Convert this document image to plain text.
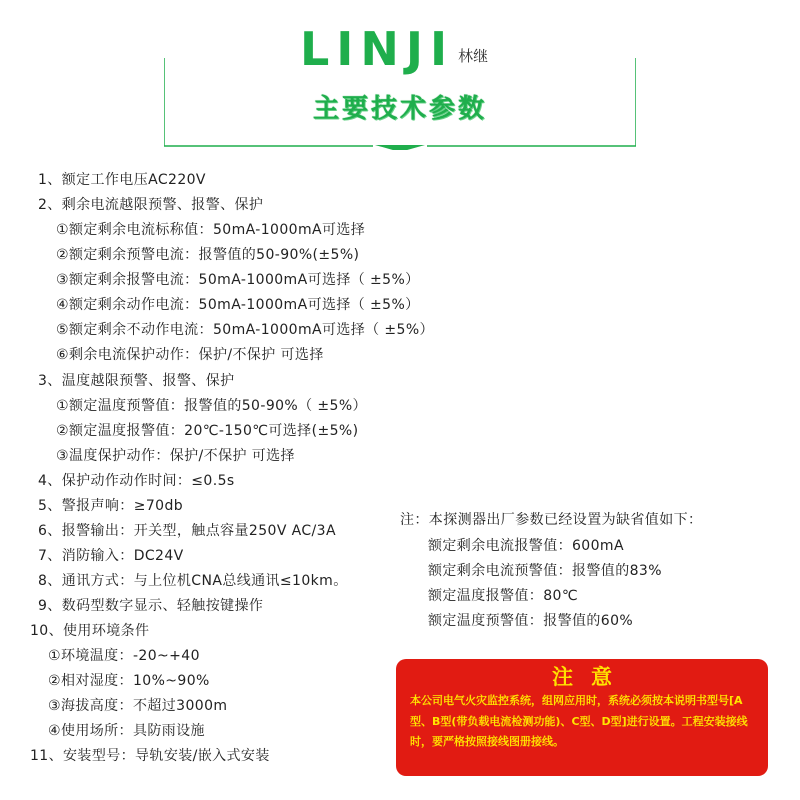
LINJI 林继
主要技术参数
1、额定工作电压AC220V
2、剩余电流越限预警、报警、保护
①额定剩余电流标称值：50mA-1000mA可选择
②额定剩余预警电流：报警值的50-90%(±5%)
③额定剩余报警电流：50mA-1000mA可选择（ ±5%）
④额定剩余动作电流：50mA-1000mA可选择（ ±5%）
⑤额定剩余不动作电流：50mA-1000mA可选择（ ±5%）
⑥剩余电流保护动作：保护/不保护 可选择
3、温度越限预警、报警、保护
①额定温度预警值：报警值的50-90%（ ±5%）
②额定温度报警值：20℃-150℃可选择(±5%)
③温度保护动作：保护/不保护 可选择
4、保护动作动作时间：≤0.5s
5、警报声响：≥70db
6、报警输出：开关型，触点容量250V AC/3A
7、消防输入：DC24V
8、通讯方式：与上位机CNA总线通讯≤10km。
9、数码型数字显示、轻触按键操作
10、使用环境条件
①环境温度：-20~+40
②相对湿度：10%~90%
③海拔高度：不超过3000m
④使用场所：具防雨设施
11、安装型号：导轨安装/嵌入式安装
注：本探测器出厂参数已经设置为缺省值如下：
额定剩余电流报警值：600mA
额定剩余电流预警值：报警值的83%
额定温度报警值：80℃
额定温度预警值：报警值的60%
注意
本公司电气火灾监控系统，组网应用时，系统必须按本说明书型号[A型、B型(带负载电流检测功能)、C型、D型]进行设置。工程安装接线时，要严格按照接线图册接线。
